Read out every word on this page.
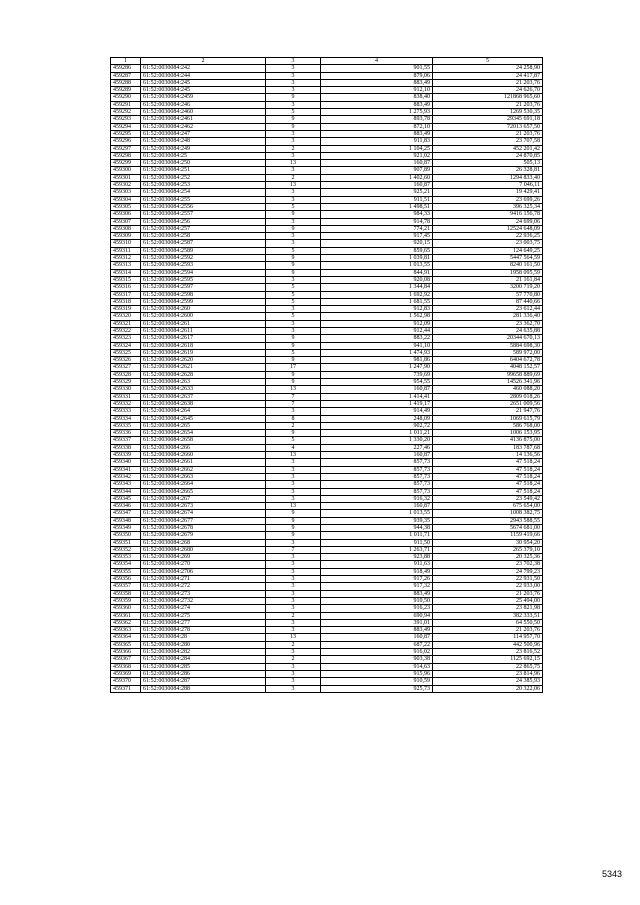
1	2	3	4	5
459286	61:52:0030084:242	3	901,55	24 258,90
459287	61:52:0030084:244	3	879,06	24 417,87
459288	61:52:0030084:245	3	883,49	21 203,76
459289	61:52:0030084:245	3	912,10	24 626,70
459290	61:52:0030084:2459	9	838,40	121868 965,60
459291	61:52:0030084:246	3	883,49	21 203,76
459292	61:52:0030084:2460	5	1 275,93	1269 530,35
459293	61:52:0030084:2461	9	893,78	29345 691,18
459294	61:52:0030084:2462	9	872,10	72013 657,50
459295	61:52:0030084:247	3	883,49	21 203,76
459296	61:52:0030084:248	3	911,83	23 707,58
459297	61:52:0030084:249	2	1 104,25	452 201,42
459298	61:52:0030084:25	3	921,02	24 870,85
459299	61:52:0030084:250	13	160,87	505,13
459300	61:52:0030084:251	3	907,89	26 328,81
459301	61:52:0030084:252	2	1 402,60	1294 833,40
459302	61:52:0030084:253	13	160,87	7 046,11
459303	61:52:0030084:254	3	925,21	19 429,41
459304	61:52:0030084:255	3	911,51	23 699,26
459305	61:52:0030084:2556	5	1 498,51	396 325,34
459306	61:52:0030084:2557	9	984,33	9416 156,78
459307	61:52:0030084:256	3	914,78	24 699,06
459308	61:52:0030084:257	9	774,21	12524 648,09
459309	61:52:0030084:258	3	917,45	22 936,25
459310	61:52:0030084:2587	3	920,15	23 003,75
459311	61:52:0030084:2589	5	859,65	124 649,25
459312	61:52:0030084:2592	9	1 039,81	5447 564,59
459313	61:52:0030084:2593	9	1 013,55	8240 161,50
459314	61:52:0030084:2594	9	844,91	1958 095,59
459315	61:52:0030084:2595	3	920,08	21 161,84
459316	61:52:0030084:2597	5	1 344,84	3200 719,20
459317	61:52:0030084:2598	5	1 692,92	57 770,80
459318	61:52:0030084:2599	5	1 681,55	87 440,66
459319	61:52:0030084:260	3	912,83	23 612,44
459320	61:52:0030084:2600	5	1 562,98	281 336,40
459321	61:52:0030084:261	3	912,09	23 362,70
459322	61:52:0030084:2611	3	912,44	24 635,88
459323	61:52:0030084:2617	9	883,22	20344 670,13
459324	61:52:0030084:2618	9	941,10	5884 698,30
459325	61:52:0030084:2619	5	1 474,93	589 972,00
459326	61:52:0030084:2620	9	981,86	6404 672,78
459327	61:52:0030084:2621	17	1 247,90	4048 152,57
459328	61:52:0030084:2628	9	739,69	99658 889,69
459329	61:52:0030084:263	9	954,55	14526 341,96
459330	61:52:0030084:2633	13	160,87	460 088,20
459331	61:52:0030084:2637	7	1 414,41	2809 018,26
459332	61:52:0030084:2638	7	1 419,17	2651 009,56
459333	61:52:0030084:264	3	914,49	21 947,76
459334	61:52:0030084:2645	8	248,09	1069 615,79
459335	61:52:0030084:265	2	902,72	586 768,00
459336	61:52:0030084:2654	9	1 011,21	1006 153,95
459337	61:52:0030084:2658	5	1 330,20	4136 875,00
459338	61:52:0030084:266	4	227,46	183 787,68
459339	61:52:0030084:2660	13	160,87	14 136,56
459340	61:52:0030084:2661	3	857,73	47 518,24
459341	61:52:0030084:2662	3	857,73	47 518,24
459342	61:52:0030084:2663	3	857,73	47 518,24
459343	61:52:0030084:2664	3	857,73	47 518,24
459344	61:52:0030084:2665	3	857,73	47 518,24
459345	61:52:0030084:267	3	916,32	23 549,42
459346	61:52:0030084:2673	13	160,87	675 654,00
459347	61:52:0030084:2674	9	1 013,55	1008 382,75
459348	61:52:0030084:2677	9	939,35	2943 588,55
459349	61:52:0030084:2678	9	944,38	5674 681,00
459350	61:52:0030084:2679	9	1 011,71	1159 419,66
459351	61:52:0030084:268	3	911,50	30 954,20
459352	61:52:0030084:2680	7	1 263,71	265 379,10
459353	61:52:0030084:269	3	923,88	20 325,36
459354	61:52:0030084:270	3	911,63	23 702,38
459355	61:52:0030084:2706	3	918,49	24 799,23
459356	61:52:0030084:271	3	917,26	22 931,50
459357	61:52:0030084:272	3	917,32	22 933,00
459358	61:52:0030084:273	3	883,49	21 203,76
459359	61:52:0030084:2732	3	910,50	25 494,00
459360	61:52:0030084:274	3	916,23	23 821,98
459361	61:52:0030084:275	2	690,94	382 333,51
459362	61:52:0030084:277	3	391,01	64 550,50
459363	61:52:0030084:278	3	883,49	21 203,76
459364	61:52:0030084:28	13	160,87	114 957,70
459365	61:52:0030084:280	2	687,22	442 500,96
459366	61:52:0030084:282	3	916,02	23 816,52
459367	61:52:0030084:284	2	903,38	1125 692,15
459368	61:52:0030084:285	3	914,63	22 865,75
459369	61:52:0030084:286	3	915,96	23 814,96
459370	61:52:0030084:287	3	910,59	24 385,93
459371	61:52:0030084:288	3	925,73	20 322,06
5343
